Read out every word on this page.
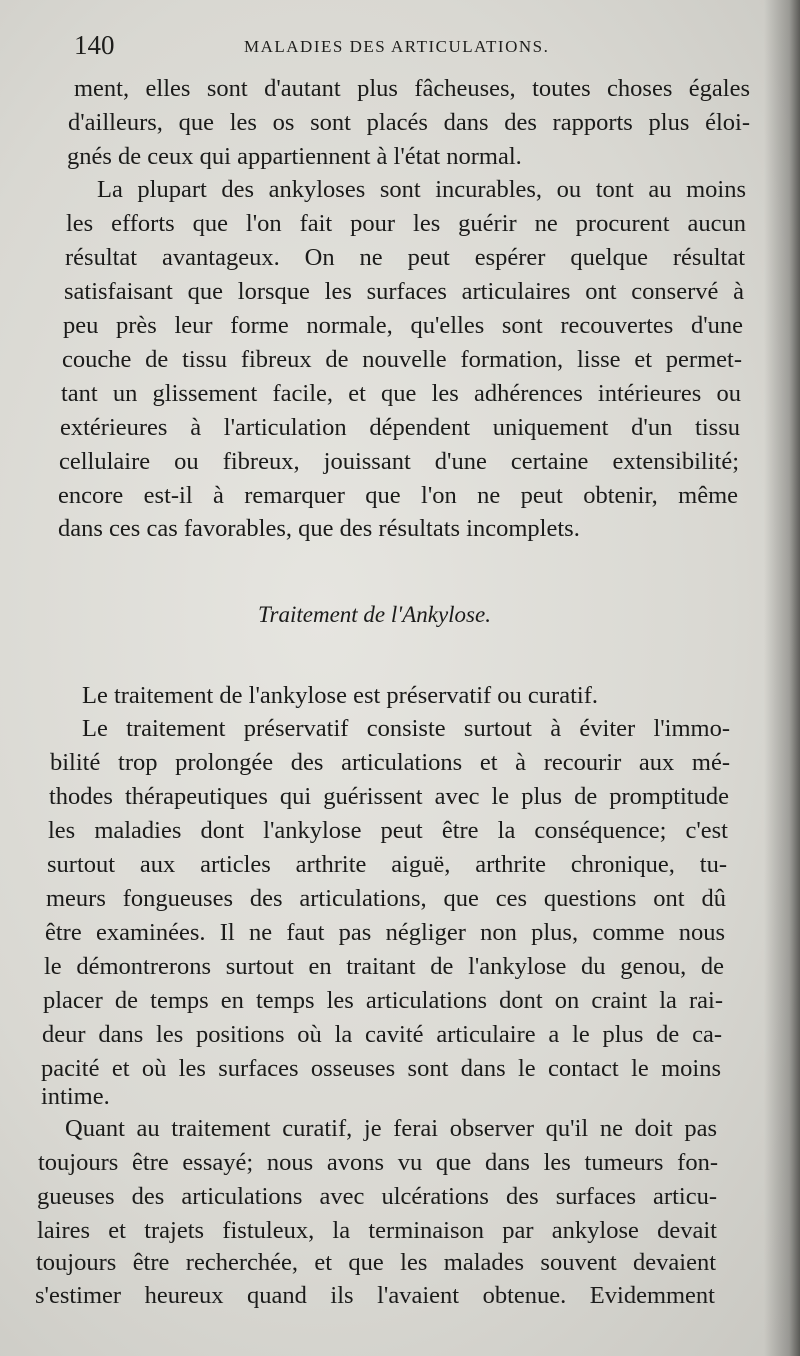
140	MALADIES DES ARTICULATIONS.
ment, elles sont d'autant plus fâcheuses, toutes choses égales
d'ailleurs, que les os sont placés dans des rapports plus éloi-
gnés de ceux qui appartiennent à l'état normal.
La plupart des ankyloses sont incurables, ou tont au moins
les efforts que l'on fait pour les guérir ne procurent aucun
résultat avantageux. On ne peut espérer quelque résultat
satisfaisant que lorsque les surfaces articulaires ont conservé à
peu près leur forme normale, qu'elles sont recouvertes d'une
couche de tissu fibreux de nouvelle formation, lisse et permet-
tant un glissement facile, et que les adhérences intérieures ou
extérieures à l'articulation dépendent uniquement d'un tissu
cellulaire ou fibreux, jouissant d'une certaine extensibilité;
encore est-il à remarquer que l'on ne peut obtenir, même
dans ces cas favorables, que des résultats incomplets.
Traitement de l'Ankylose.
Le traitement de l'ankylose est préservatif ou curatif.
Le traitement préservatif consiste surtout à éviter l'immo-
bilité trop prolongée des articulations et à recourir aux mé-
thodes thérapeutiques qui guérissent avec le plus de promptitude
les maladies dont l'ankylose peut être la conséquence; c'est
surtout aux articles arthrite aiguë, arthrite chronique, tu-
meurs fongueuses des articulations, que ces questions ont dû
être examinées. Il ne faut pas négliger non plus, comme nous
le démontrerons surtout en traitant de l'ankylose du genou, de
placer de temps en temps les articulations dont on craint la rai-
deur dans les positions où la cavité articulaire a le plus de ca-
pacité et où les surfaces osseuses sont dans le contact le moins
intime.
Quant au traitement curatif, je ferai observer qu'il ne doit pas
toujours être essayé; nous avons vu que dans les tumeurs fon-
gueuses des articulations avec ulcérations des surfaces articu-
laires et trajets fistuleux, la terminaison par ankylose devait
toujours être recherchée, et que les malades souvent devaient
s'estimer heureux quand ils l'avaient obtenue. Evidemment
